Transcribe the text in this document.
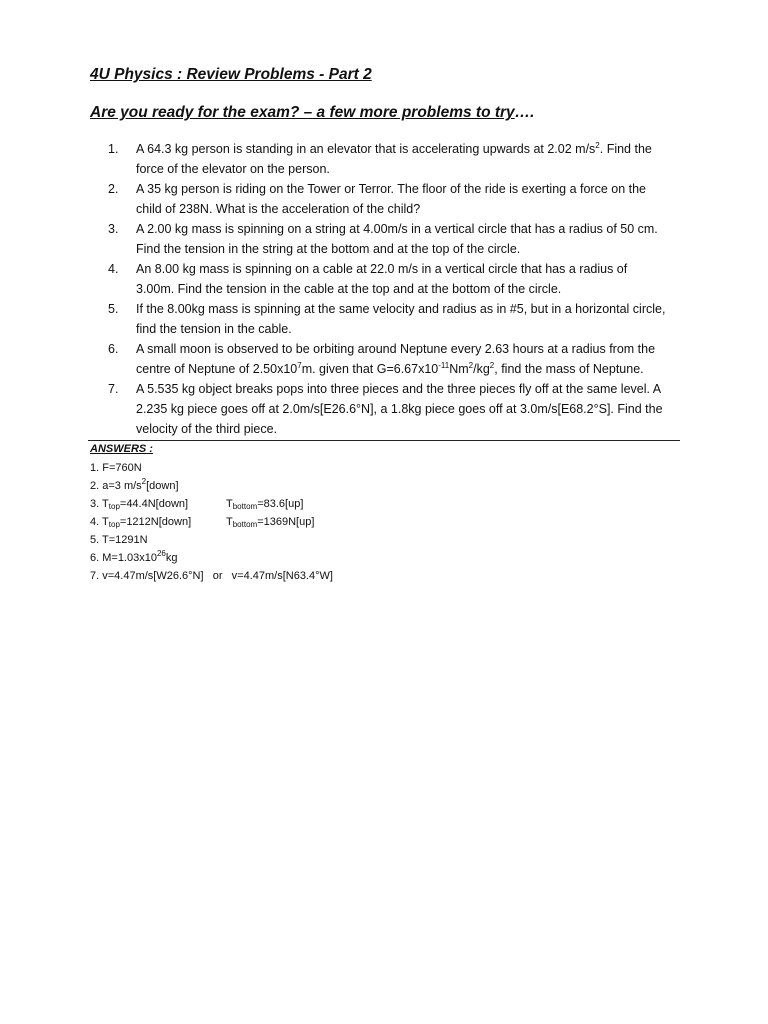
4U Physics : Review Problems - Part 2
Are you ready for the exam? – a few more problems to try….
1. A 64.3 kg person is standing in an elevator that is accelerating upwards at 2.02 $m/s^2$. Find the force of the elevator on the person.
2. A 35 kg person is riding on the Tower or Terror. The floor of the ride is exerting a force on the child of 238N. What is the acceleration of the child?
3. A 2.00 kg mass is spinning on a string at 4.00m/s in a vertical circle that has a radius of 50 cm. Find the tension in the string at the bottom and at the top of the circle.
4. An 8.00 kg mass is spinning on a cable at 22.0 m/s in a vertical circle that has a radius of 3.00m. Find the tension in the cable at the top and at the bottom of the circle.
5. If the 8.00kg mass is spinning at the same velocity and radius as in #5, but in a horizontal circle, find the tension in the cable.
6. A small moon is observed to be orbiting around Neptune every 2.63 hours at a radius from the centre of Neptune of $2.50x10^7m$. given that $G=6.67x10^{-11}Nm^2/kg^2$, find the mass of Neptune.
7. A 5.535 kg object breaks pops into three pieces and the three pieces fly off at the same level. A 2.235 kg piece goes off at 2.0m/s[E26.6°N], a 1.8kg piece goes off at 3.0m/s[E68.2°S]. Find the velocity of the third piece.
ANSWERS :
1. F=760N
2. a=3 $m/s^2[down]$
3. $T_{top}=44.4N[down]$	$T_{bottom}=83.6[up]$
4. $T_{top}=1212N[down]$	$T_{bottom}=1369N[up]$
5. T=1291N
6. $M=1.03x10^{26}kg$
7. v=4.47m/s[W26.6°N]   or   v=4.47m/s[N63.4°W]
